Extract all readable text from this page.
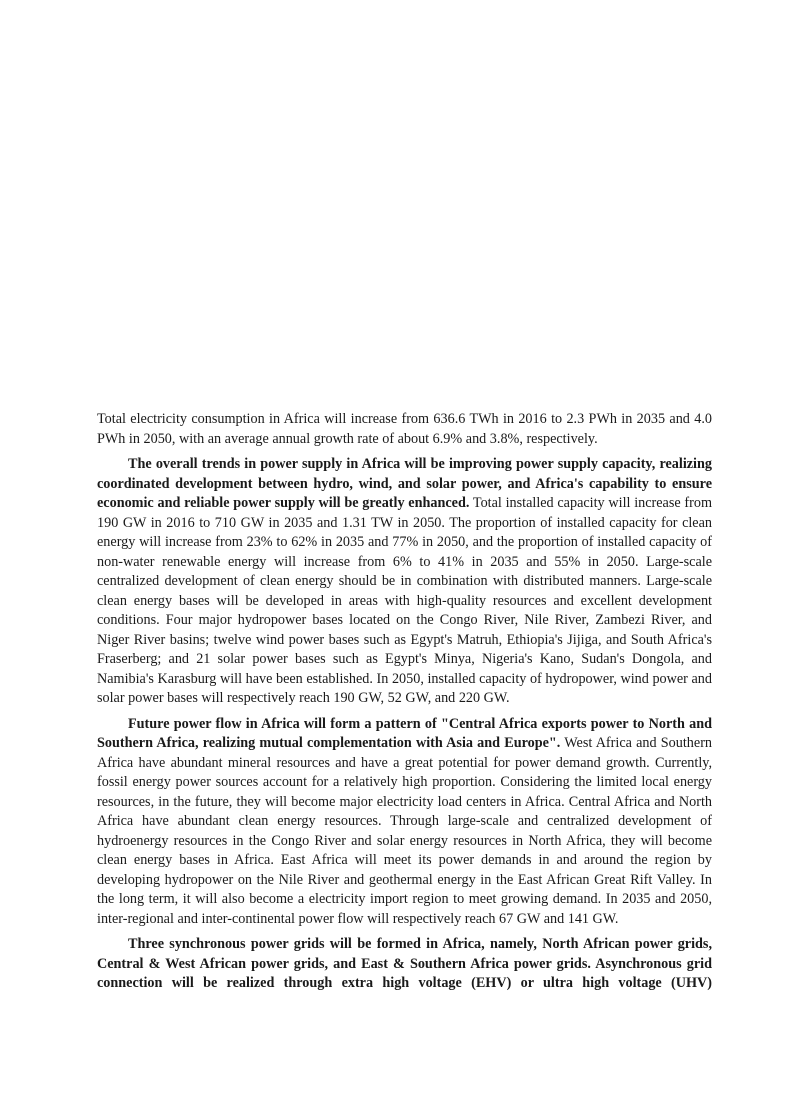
Total electricity consumption in Africa will increase from 636.6 TWh in 2016 to 2.3 PWh in 2035 and 4.0 PWh in 2050, with an average annual growth rate of about 6.9% and 3.8%, respectively.

The overall trends in power supply in Africa will be improving power supply capacity, realizing coordinated development between hydro, wind, and solar power, and Africa's capability to ensure economic and reliable power supply will be greatly enhanced. Total installed capacity will increase from 190 GW in 2016 to 710 GW in 2035 and 1.31 TW in 2050. The proportion of installed capacity for clean energy will increase from 23% to 62% in 2035 and 77% in 2050, and the proportion of installed capacity of non-water renewable energy will increase from 6% to 41% in 2035 and 55% in 2050. Large-scale centralized development of clean energy should be in combination with distributed manners. Large-scale clean energy bases will be developed in areas with high-quality resources and excellent development conditions. Four major hydropower bases located on the Congo River, Nile River, Zambezi River, and Niger River basins; twelve wind power bases such as Egypt's Matruh, Ethiopia's Jijiga, and South Africa's Fraserberg; and 21 solar power bases such as Egypt's Minya, Nigeria's Kano, Sudan's Dongola, and Namibia's Karasburg will have been established. In 2050, installed capacity of hydropower, wind power and solar power bases will respectively reach 190 GW, 52 GW, and 220 GW.

Future power flow in Africa will form a pattern of "Central Africa exports power to North and Southern Africa, realizing mutual complementation with Asia and Europe". West Africa and Southern Africa have abundant mineral resources and have a great potential for power demand growth. Currently, fossil energy power sources account for a relatively high proportion. Considering the limited local energy resources, in the future, they will become major electricity load centers in Africa. Central Africa and North Africa have abundant clean energy resources. Through large-scale and centralized development of hydroenergy resources in the Congo River and solar energy resources in North Africa, they will become clean energy bases in Africa. East Africa will meet its power demands in and around the region by developing hydropower on the Nile River and geothermal energy in the East African Great Rift Valley. In the long term, it will also become a electricity import region to meet growing demand. In 2035 and 2050, inter-regional and inter-continental power flow will respectively reach 67 GW and 141 GW.

Three synchronous power grids will be formed in Africa, namely, North African power grids, Central & West African power grids, and East & Southern Africa power grids. Asynchronous grid connection will be realized through extra high voltage (EHV) or ultra high voltage (UHV)
